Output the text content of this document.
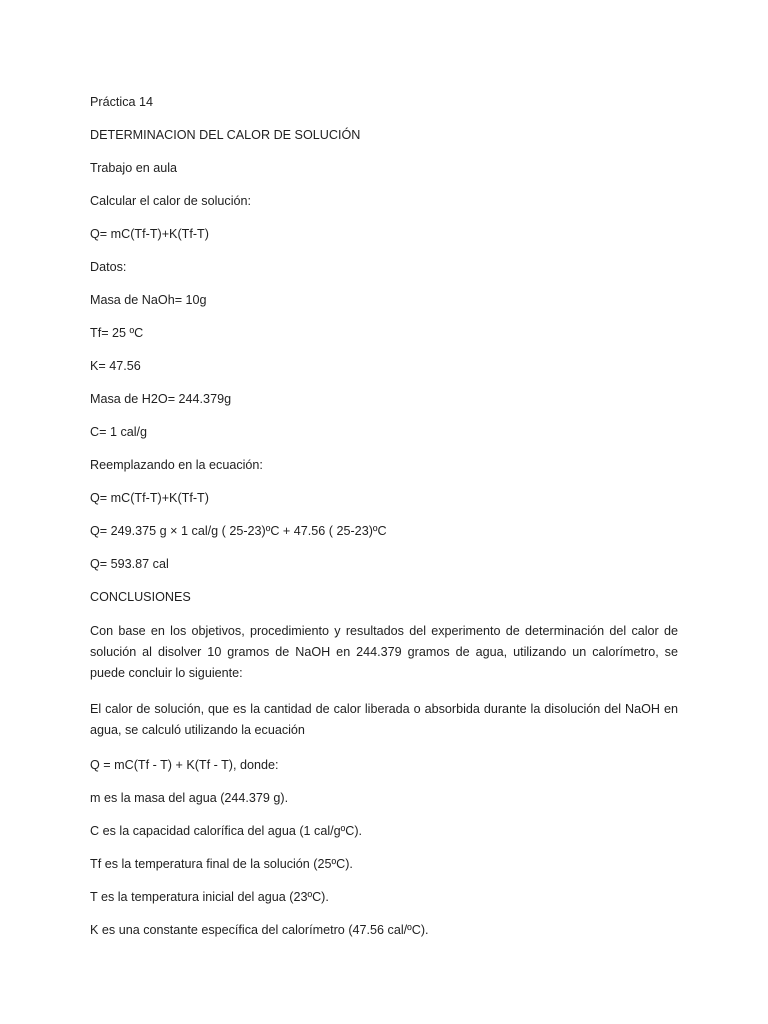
Práctica 14

DETERMINACION DEL CALOR DE SOLUCIÓN

Trabajo en aula

Calcular el calor de solución:

Q= mC(Tf-T)+K(Tf-T)

Datos:

Masa de NaOh= 10g

Tf= 25 ºC

K= 47.56

Masa de H2O= 244.379g

C= 1 cal/g

Reemplazando en la ecuación:

Q= mC(Tf-T)+K(Tf-T)

Q= 249.375 g × 1 cal/g ( 25-23)ºC + 47.56 ( 25-23)ºC

Q= 593.87 cal

CONCLUSIONES

Con base en los objetivos, procedimiento y resultados del experimento de determinación del calor de solución al disolver 10 gramos de NaOH en 244.379 gramos de agua, utilizando un calorímetro, se puede concluir lo siguiente:

El calor de solución, que es la cantidad de calor liberada o absorbida durante la disolución del NaOH en agua, se calculó utilizando la ecuación

Q = mC(Tf - T) + K(Tf - T), donde:

m es la masa del agua (244.379 g).

C es la capacidad calorífica del agua (1 cal/gºC).

Tf es la temperatura final de la solución (25ºC).

T es la temperatura inicial del agua (23ºC).

K es una constante específica del calorímetro (47.56 cal/ºC).
